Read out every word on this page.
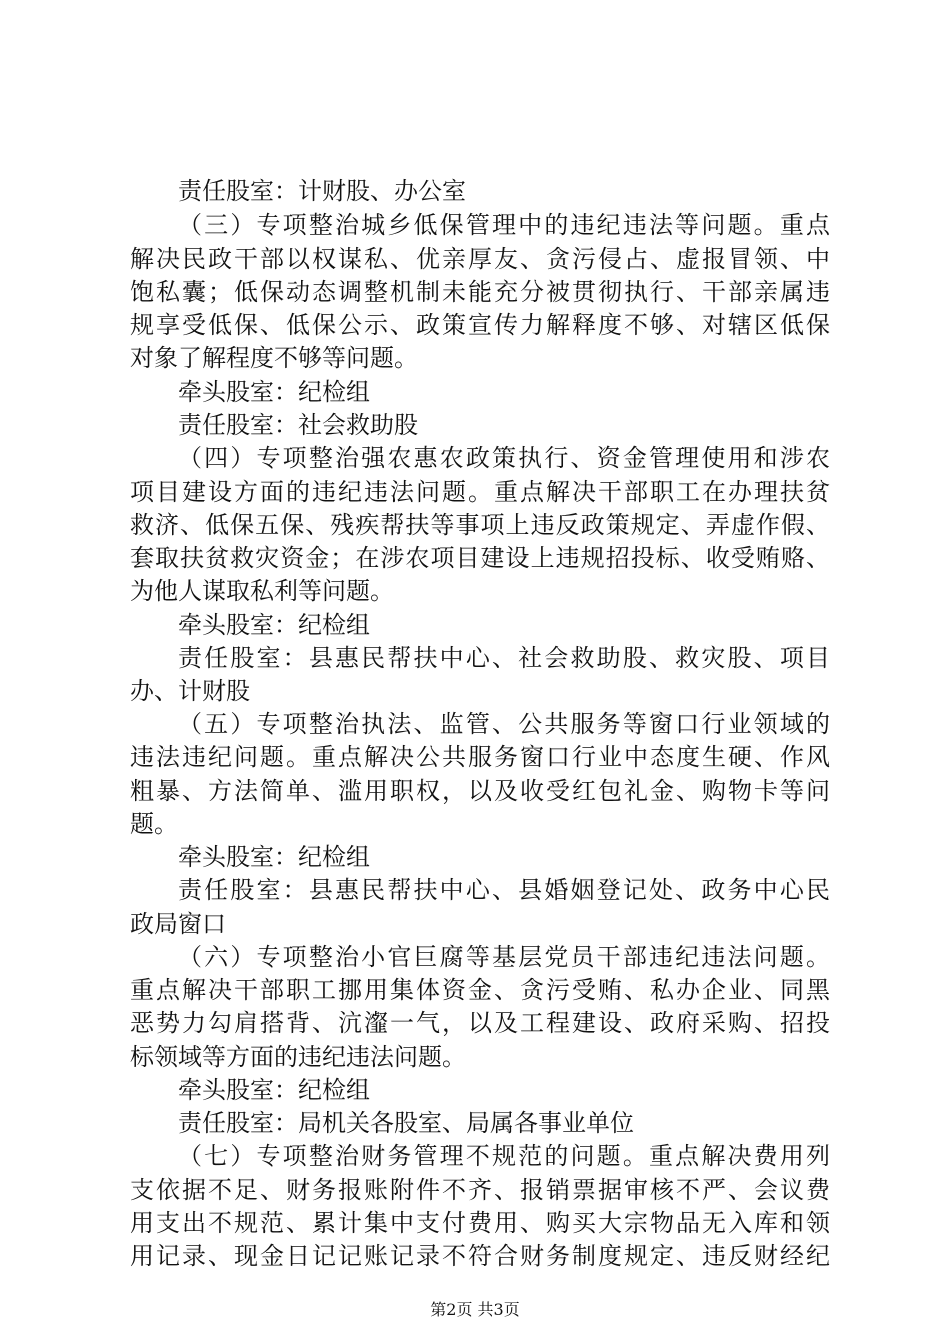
责任股室：计财股、办公室
（三）专项整治城乡低保管理中的违纪违法等问题。重点
解决民政干部以权谋私、优亲厚友、贪污侵占、虚报冒领、中
饱私囊；低保动态调整机制未能充分被贯彻执行、干部亲属违
规享受低保、低保公示、政策宣传力解释度不够、对辖区低保
对象了解程度不够等问题。
牵头股室：纪检组
责任股室：社会救助股
（四）专项整治强农惠农政策执行、资金管理使用和涉农
项目建设方面的违纪违法问题。重点解决干部职工在办理扶贫
救济、低保五保、残疾帮扶等事项上违反政策规定、弄虚作假、
套取扶贫救灾资金；在涉农项目建设上违规招投标、收受贿赂、
为他人谋取私利等问题。
牵头股室：纪检组
责任股室：县惠民帮扶中心、社会救助股、救灾股、项目
办、计财股
（五）专项整治执法、监管、公共服务等窗口行业领域的
违法违纪问题。重点解决公共服务窗口行业中态度生硬、作风
粗暴、方法简单、滥用职权，以及收受红包礼金、购物卡等问
题。
牵头股室：纪检组
责任股室：县惠民帮扶中心、县婚姻登记处、政务中心民
政局窗口
（六）专项整治小官巨腐等基层党员干部违纪违法问题。
重点解决干部职工挪用集体资金、贪污受贿、私办企业、同黑
恶势力勾肩搭背、沆瀣一气，以及工程建设、政府采购、招投
标领域等方面的违纪违法问题。
牵头股室：纪检组
责任股室：局机关各股室、局属各事业单位
（七）专项整治财务管理不规范的问题。重点解决费用列
支依据不足、财务报账附件不齐、报销票据审核不严、会议费
用支出不规范、累计集中支付费用、购买大宗物品无入库和领
用记录、现金日记记账记录不符合财务制度规定、违反财经纪
第2页 共3页
